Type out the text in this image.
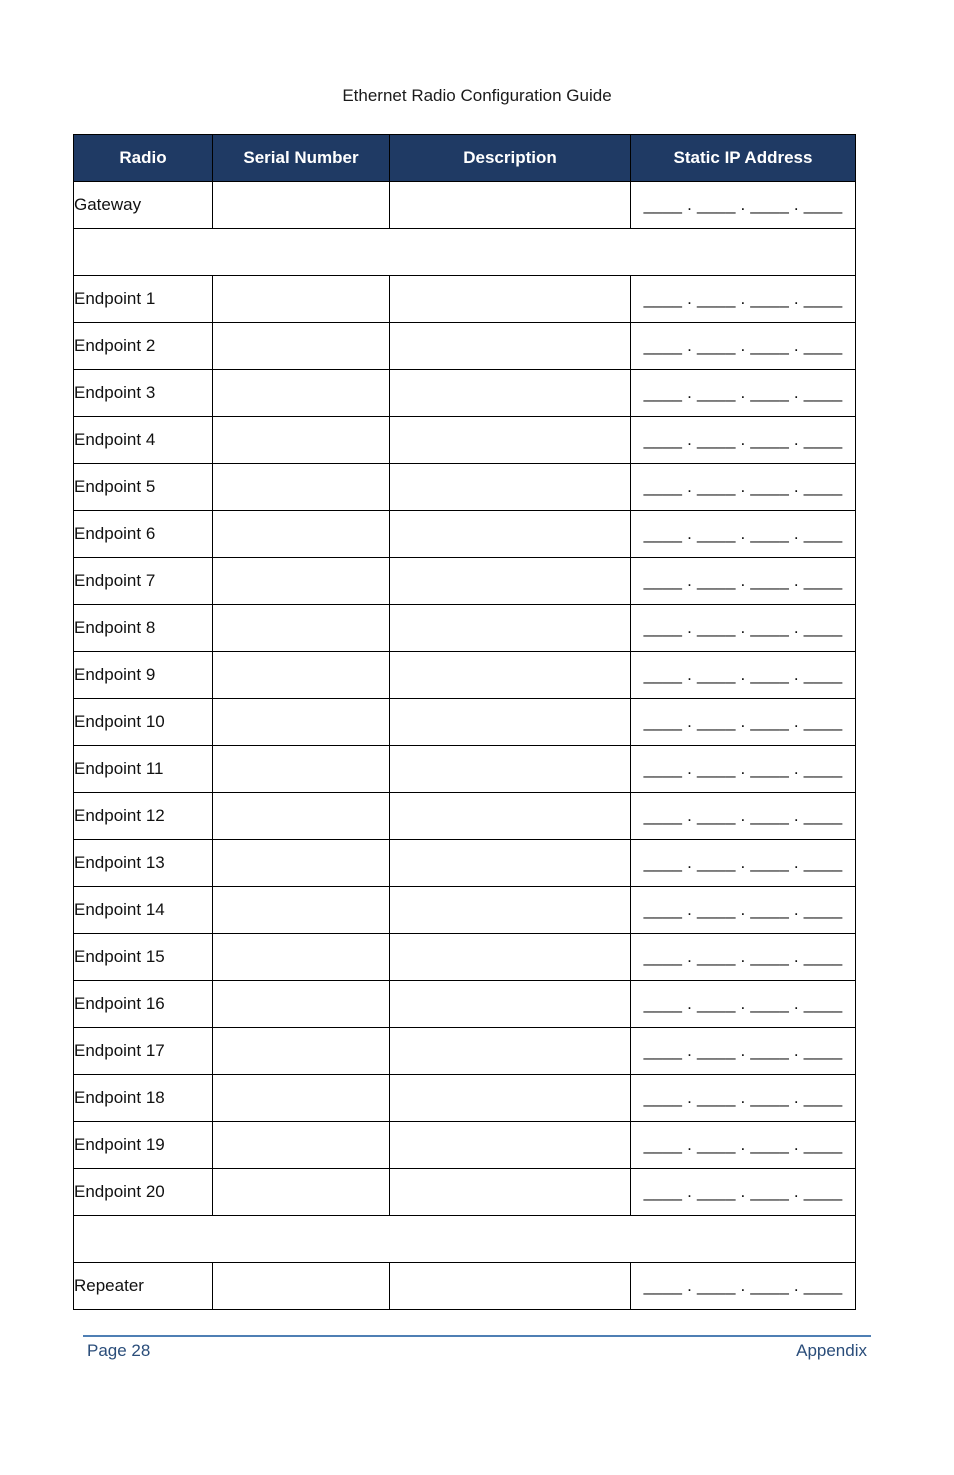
Ethernet Radio Configuration Guide
Radio	Serial Number	Description	Static IP Address
Gateway			____ . ____ . ____ . ____

Endpoint 1			____ . ____ . ____ . ____
Endpoint 2			____ . ____ . ____ . ____
Endpoint 3			____ . ____ . ____ . ____
Endpoint 4			____ . ____ . ____ . ____
Endpoint 5			____ . ____ . ____ . ____
Endpoint 6			____ . ____ . ____ . ____
Endpoint 7			____ . ____ . ____ . ____
Endpoint 8			____ . ____ . ____ . ____
Endpoint 9			____ . ____ . ____ . ____
Endpoint 10			____ . ____ . ____ . ____
Endpoint 11			____ . ____ . ____ . ____
Endpoint 12			____ . ____ . ____ . ____
Endpoint 13			____ . ____ . ____ . ____
Endpoint 14			____ . ____ . ____ . ____
Endpoint 15			____ . ____ . ____ . ____
Endpoint 16			____ . ____ . ____ . ____
Endpoint 17			____ . ____ . ____ . ____
Endpoint 18			____ . ____ . ____ . ____
Endpoint 19			____ . ____ . ____ . ____
Endpoint 20			____ . ____ . ____ . ____

Repeater			____ . ____ . ____ . ____
Page 28	Appendix
